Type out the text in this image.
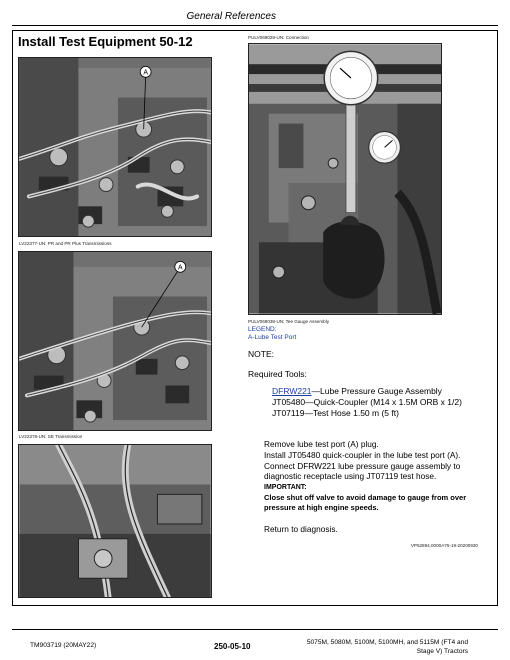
General References
Install Test Equipment 50-12
A
LV22377-UN: PR and PR Plus Transmissions
A
LV22378-UN: SE Transmission
PULV069029-UN: Connection
PULV069038-UN: Tee Gauge Assembly
LEGEND:
A-Lube Test Port
NOTE:
Required Tools:
DFRW221—Lube Pressure Gauge Assembly
JT05480—Quick-Coupler (M14 x 1.5M ORB x 1/2)
JT07119—Test Hose 1.50 m (5 ft)
Remove lube test port (A) plug.
Install JT05480 quick-coupler in the lube test port (A).
Connect DFRW221 lube pressure gauge assembly to
diagnostic receptacle using JT07119 test hose.
IMPORTANT:
Close shut off valve to avoid damage to gauge from over
pressure at high engine speeds.
Return to diagnosis.
VP52894,0000A75-19-20200930
TM903719 (20MAY22)	250-05-10	5075M, 5080M, 5100M, 5100MH, and 5115M (FT4 and Stage V) Tractors
